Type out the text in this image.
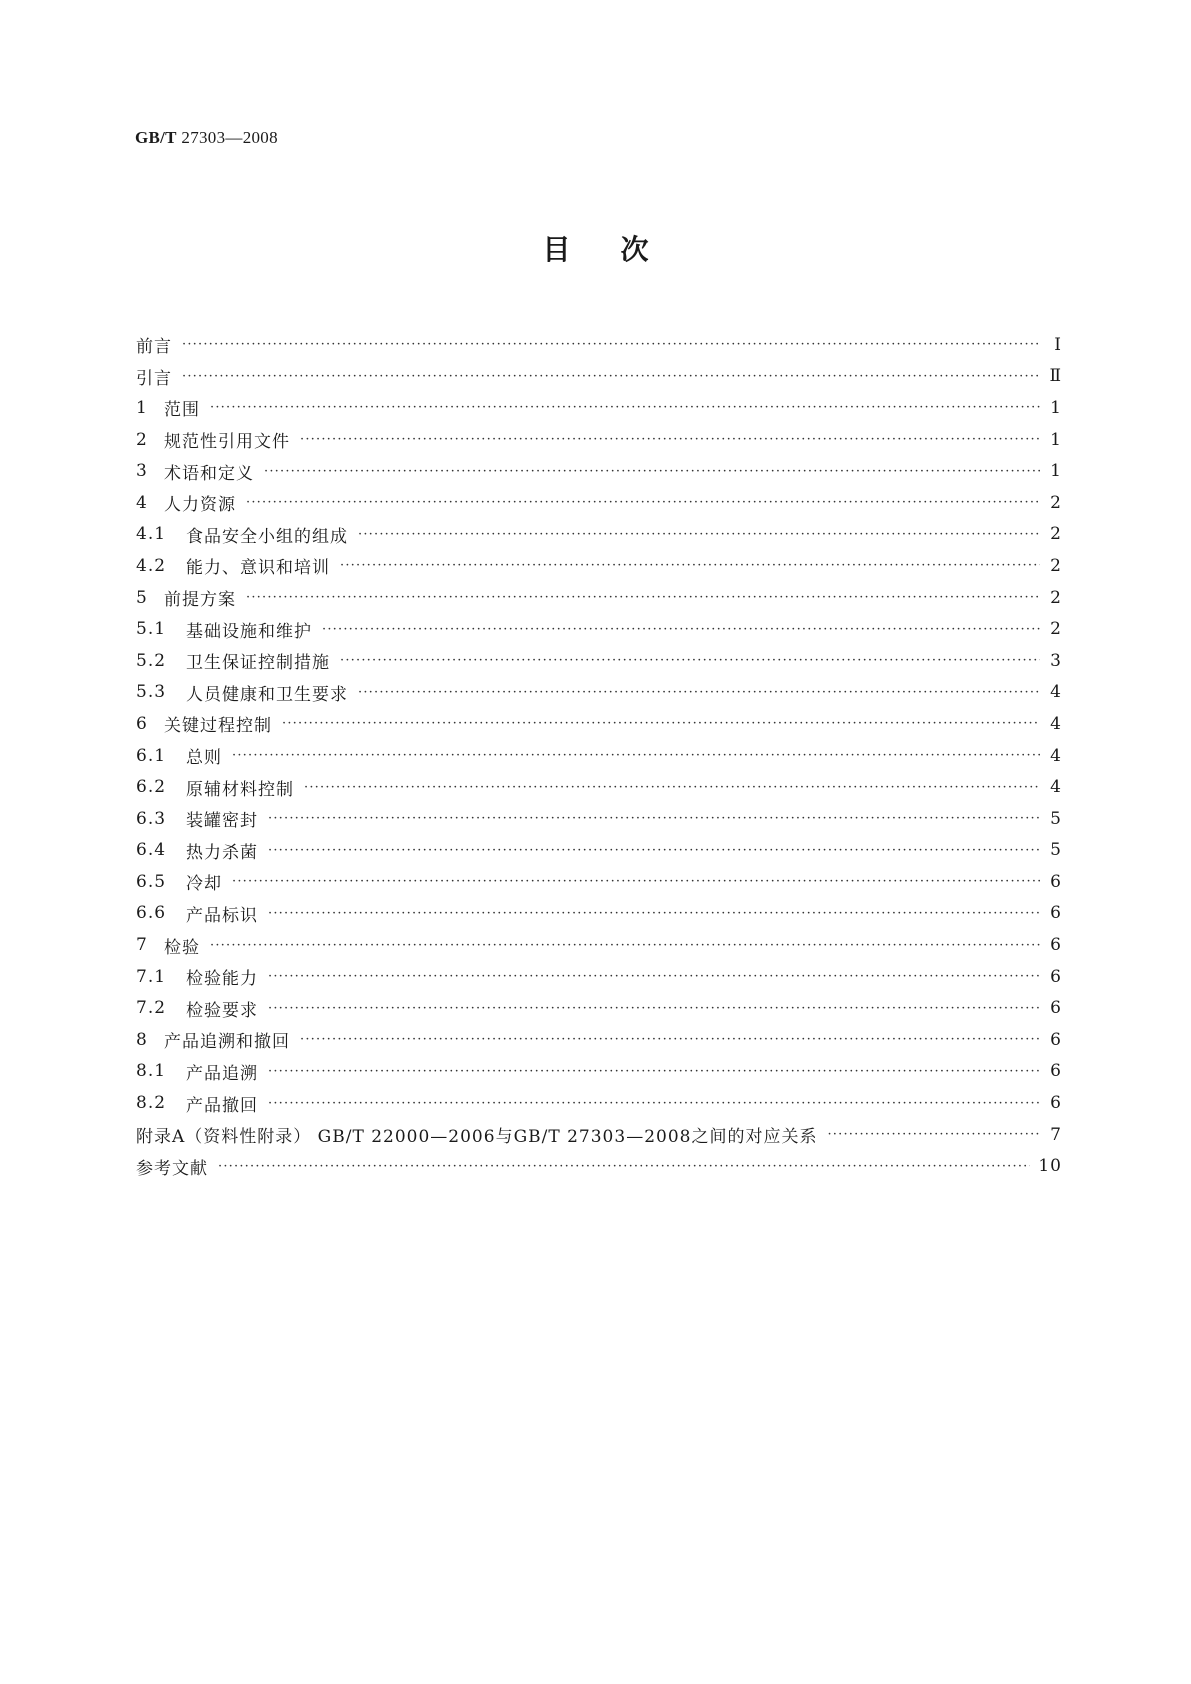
GB/T 27303—2008
目次
前言 ·····	Ⅰ
引言 ·····	Ⅱ
1 范围 ·····	1
2 规范性引用文件 ·····	1
3 术语和定义 ·····	1
4 人力资源 ·····	2
4.1	食品安全小组的组成 ·····	2
4.2	能力、意识和培训 ·····	2
5 前提方案 ·····	2
5.1	基础设施和维护 ·····	2
5.2	卫生保证控制措施 ·····	3
5.3	人员健康和卫生要求 ·····	4
6 关键过程控制 ·····	4
6.1	总则 ·····	4
6.2	原辅材料控制 ·····	4
6.3	装罐密封 ·····	5
6.4	热力杀菌 ·····	5
6.5	冷却 ·····	6
6.6	产品标识 ·····	6
7 检验 ·····	6
7.1	检验能力 ·····	6
7.2	检验要求 ·····	6
8 产品追溯和撤回 ·····	6
8.1	产品追溯 ·····	6
8.2	产品撤回 ·····	6
附录A（资料性附录） GB/T 22000—2006与GB/T 27303—2008之间的对应关系 ·····	7
参考文献 ·····	10
